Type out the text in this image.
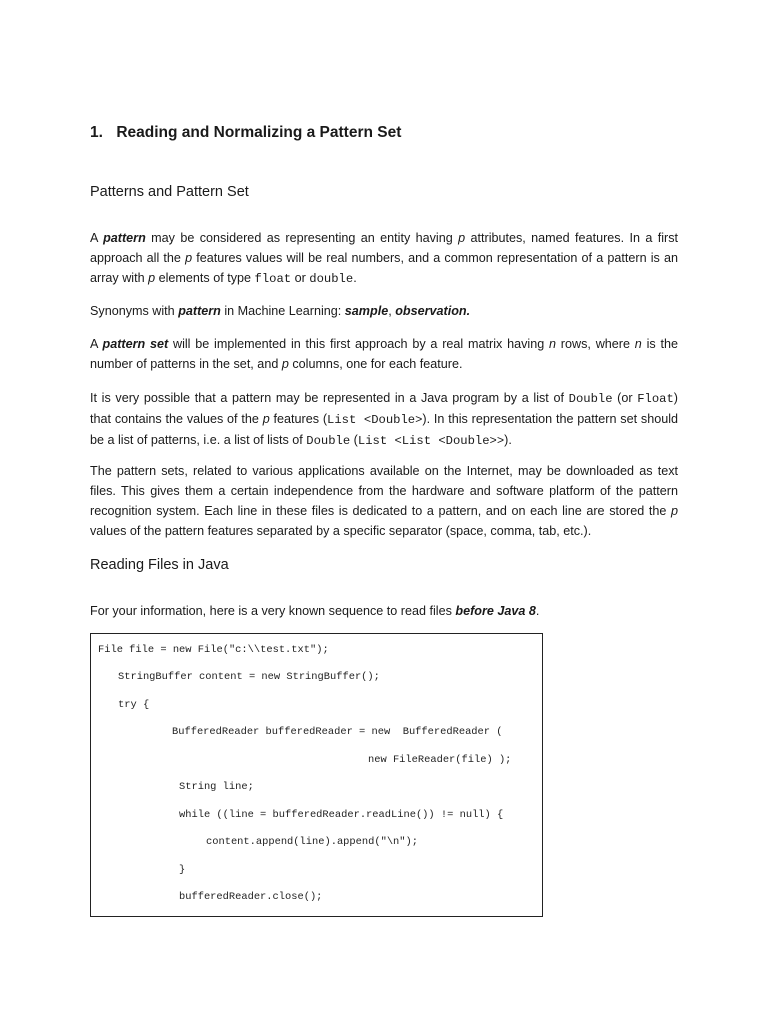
1. Reading and Normalizing a Pattern Set
Patterns and Pattern Set

A pattern may be considered as representing an entity having p attributes, named features. In a first approach all the p features values will be real numbers, and a common representation of a pattern is an array with p elements of type float or double.

Synonyms with pattern in Machine Learning: sample, observation.

A pattern set will be implemented in this first approach by a real matrix having n rows, where n is the number of patterns in the set, and p columns, one for each feature.

It is very possible that a pattern may be represented in a Java program by a list of Double (or Float) that contains the values of the p features (List <Double>). In this representation the pattern set should be a list of patterns, i.e. a list of lists of Double (List <List <Double>>).

The pattern sets, related to various applications available on the Internet, may be downloaded as text files. This gives them a certain independence from the hardware and software platform of the pattern recognition system. Each line in these files is dedicated to a pattern, and on each line are stored the p values of the pattern features separated by a specific separator (space, comma, tab, etc.).

Reading Files in Java

For your information, here is a very known sequence to read files before Java 8.

File file = new File("c:\\test.txt");
StringBuffer content = new StringBuffer();
try {
BufferedReader bufferedReader = new  BufferedReader (
new FileReader(file) );
String line;
while ((line = bufferedReader.readLine()) != null) {
content.append(line).append("\n");
}
bufferedReader.close();
